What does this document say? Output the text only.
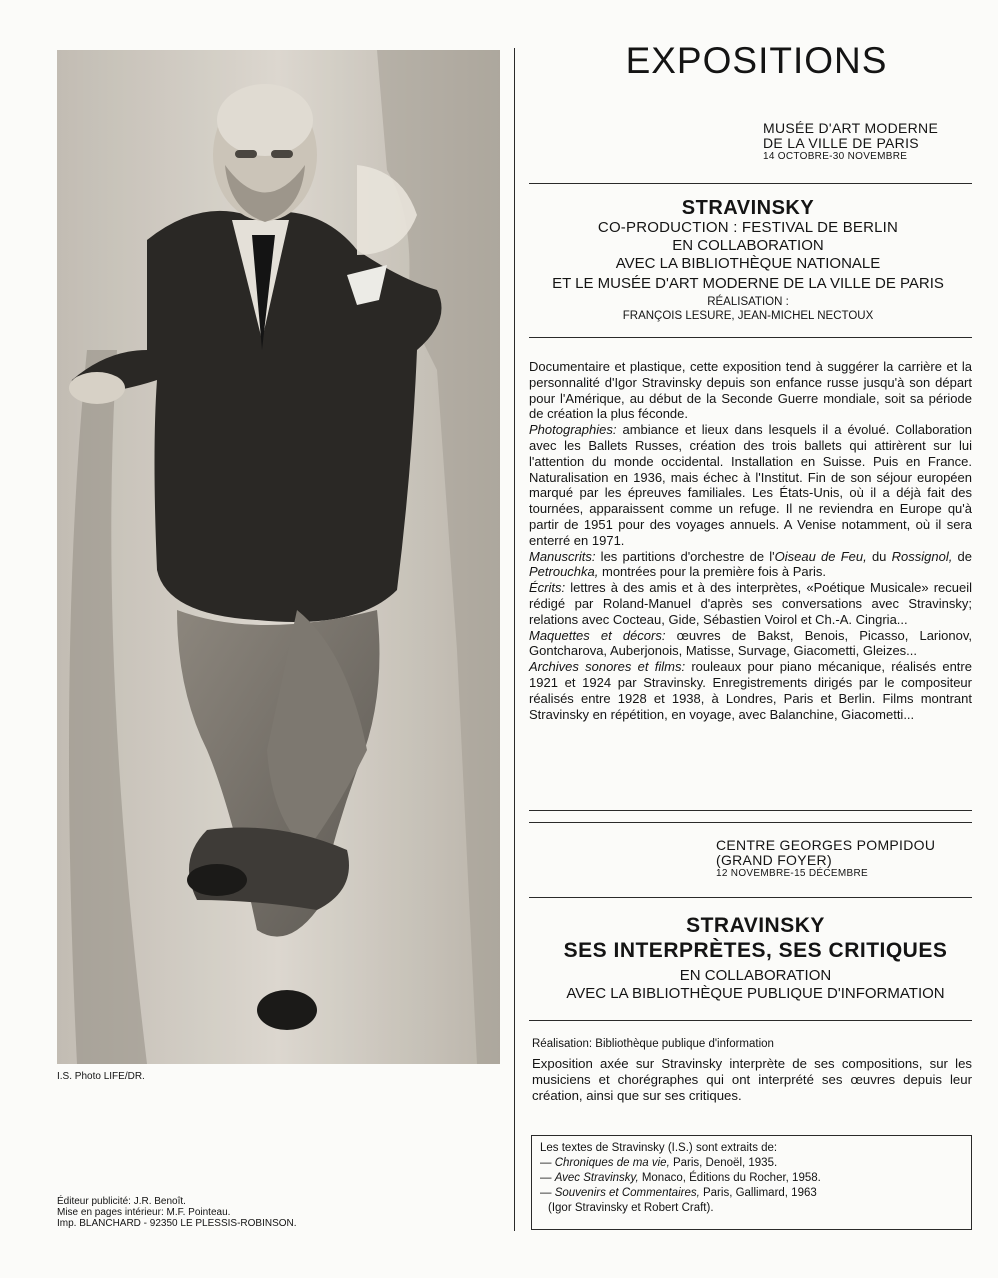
I.S. Photo LIFE/DR.
Éditeur publicité: J.R. Benoît.
Mise en pages intérieur: M.F. Pointeau.
Imp. BLANCHARD - 92350 LE PLESSIS-ROBINSON.
EXPOSITIONS
MUSÉE D'ART MODERNE
DE LA VILLE DE PARIS
14 OCTOBRE-30 NOVEMBRE
STRAVINSKY
CO-PRODUCTION : FESTIVAL DE BERLIN
EN COLLABORATION
AVEC LA BIBLIOTHÈQUE NATIONALE
ET LE MUSÉE D'ART MODERNE DE LA VILLE DE PARIS
RÉALISATION :
FRANÇOIS LESURE, JEAN-MICHEL NECTOUX

Documentaire et plastique, cette exposition tend à suggérer la carrière et la personnalité d'Igor Stravinsky depuis son enfance russe jusqu'à son départ pour l'Amérique, au début de la Seconde Guerre mondiale, soit sa période de création la plus féconde.

Photographies: ambiance et lieux dans lesquels il a évolué. Collaboration avec les Ballets Russes, création des trois ballets qui attirèrent sur lui l'attention du monde occidental. Installation en Suisse. Puis en France. Naturalisation en 1936, mais échec à l'Institut. Fin de son séjour européen marqué par les épreuves familiales. Les États-Unis, où il a déjà fait des tournées, apparaissent comme un refuge. Il ne reviendra en Europe qu'à partir de 1951 pour des voyages annuels. A Venise notamment, où il sera enterré en 1971.

Manuscrits: les partitions d'orchestre de l'Oiseau de Feu, du Rossignol, de Petrouchka, montrées pour la première fois à Paris.

Écrits: lettres à des amis et à des interprètes, «Poétique Musicale» recueil rédigé par Roland-Manuel d'après ses conversations avec Stravinsky; relations avec Cocteau, Gide, Sébastien Voirol et Ch.-A. Cingria...

Maquettes et décors: œuvres de Bakst, Benois, Picasso, Larionov, Gontcharova, Auberjonois, Matisse, Survage, Giacometti, Gleizes...

Archives sonores et films: rouleaux pour piano mécanique, réalisés entre 1921 et 1924 par Stravinsky. Enregistrements dirigés par le compositeur réalisés entre 1928 et 1938, à Londres, Paris et Berlin. Films montrant Stravinsky en répétition, en voyage, avec Balanchine, Giacometti...

CENTRE GEORGES POMPIDOU
(GRAND FOYER)
12 NOVEMBRE-15 DÉCEMBRE
STRAVINSKY
SES INTERPRÈTES, SES CRITIQUES
EN COLLABORATION
AVEC LA BIBLIOTHÈQUE PUBLIQUE D'INFORMATION
Réalisation: Bibliothèque publique d'information
Exposition axée sur Stravinsky interprète de ses compositions, sur les musiciens et chorégraphes qui ont interprété ses œuvres depuis leur création, ainsi que sur ses critiques.
Les textes de Stravinsky (I.S.) sont extraits de:
— Chroniques de ma vie, Paris, Denoël, 1935.
— Avec Stravinsky, Monaco, Éditions du Rocher, 1958.
— Souvenirs et Commentaires, Paris, Gallimard, 1963
(Igor Stravinsky et Robert Craft).
